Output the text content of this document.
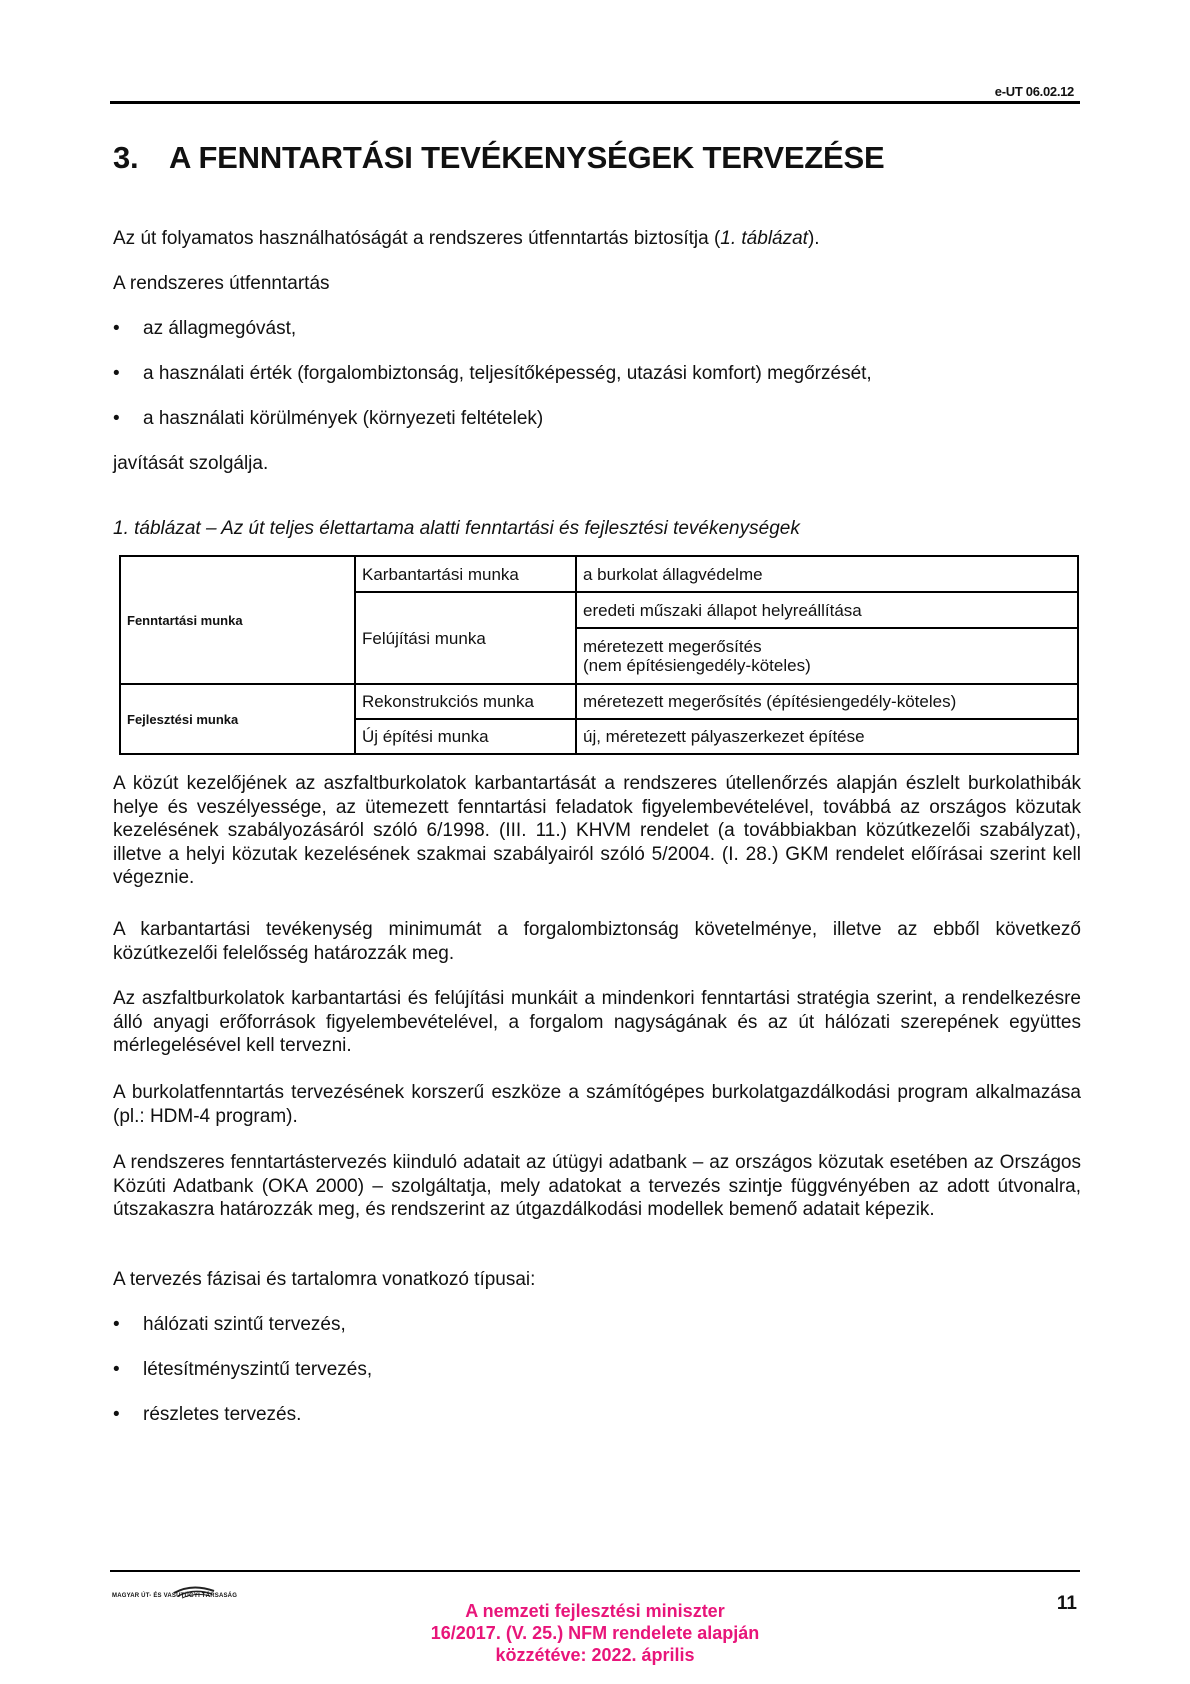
e-UT 06.02.12
3. A FENNTARTÁSI TEVÉKENYSÉGEK TERVEZÉSE

Az út folyamatos használhatóságát a rendszeres útfenntartás biztosítja (1. táblázat).

A rendszeres útfenntartás

• az állagmegóvást,

• a használati érték (forgalombiztonság, teljesítőképesség, utazási komfort) megőrzését,

• a használati körülmények (környezeti feltételek)

javítását szolgálja.

1. táblázat – Az út teljes élettartama alatti fenntartási és fejlesztési tevékenységek

Fenntartási munka	Karbantartási munka	a burkolat állagvédelme
	Felújítási munka	eredeti műszaki állapot helyreállítása

		méretezett megerősítés
(nem építésiengedély-köteles)

Fejlesztési munka	Rekonstrukciós munka	méretezett megerősítés (építésiengedély-köteles)
	Új építési munka	új, méretezett pályaszerkezet építése

A közút kezelőjének az aszfaltburkolatok karbantartását a rendszeres útellenőrzés alapján észlelt burkolathibák helye és veszélyessége, az ütemezett fenntartási feladatok figyelembevételével, továbbá az országos közutak kezelésének szabályozásáról szóló 6/1998. (III. 11.) KHVM rendelet (a továbbiakban közútkezelői szabályzat), illetve a helyi közutak kezelésének szakmai szabályairól szóló 5/2004. (I. 28.) GKM rendelet előírásai szerint kell végeznie.

A karbantartási tevékenység minimumát a forgalombiztonság követelménye, illetve az ebből következő közútkezelői felelősség határozzák meg.

Az aszfaltburkolatok karbantartási és felújítási munkáit a mindenkori fenntartási stratégia szerint, a rendelkezésre álló anyagi erőforrások figyelembevételével, a forgalom nagyságának és az út hálózati szerepének együttes mérlegelésével kell tervezni.

A burkolatfenntartás tervezésének korszerű eszköze a számítógépes burkolatgazdálkodási program alkalmazása (pl.: HDM-4 program).

A rendszeres fenntartástervezés kiinduló adatait az útügyi adatbank – az országos közutak esetében az Országos Közúti Adatbank (OKA 2000) – szolgáltatja, mely adatokat a tervezés szintje függvényében az adott útvonalra, útszakaszra határozzák meg, és rendszerint az útgazdálkodási modellek bemenő adatait képezik.

A tervezés fázisai és tartalomra vonatkozó típusai:

• hálózati szintű tervezés,

• létesítményszintű tervezés,

• részletes tervezés.

MAGYAR ÚT- ÉS VASÚTÜGYI TÁRSASÁG	11
A nemzeti fejlesztési miniszter
16/2017. (V. 25.) NFM rendelete alapján
közzétéve: 2022. április
